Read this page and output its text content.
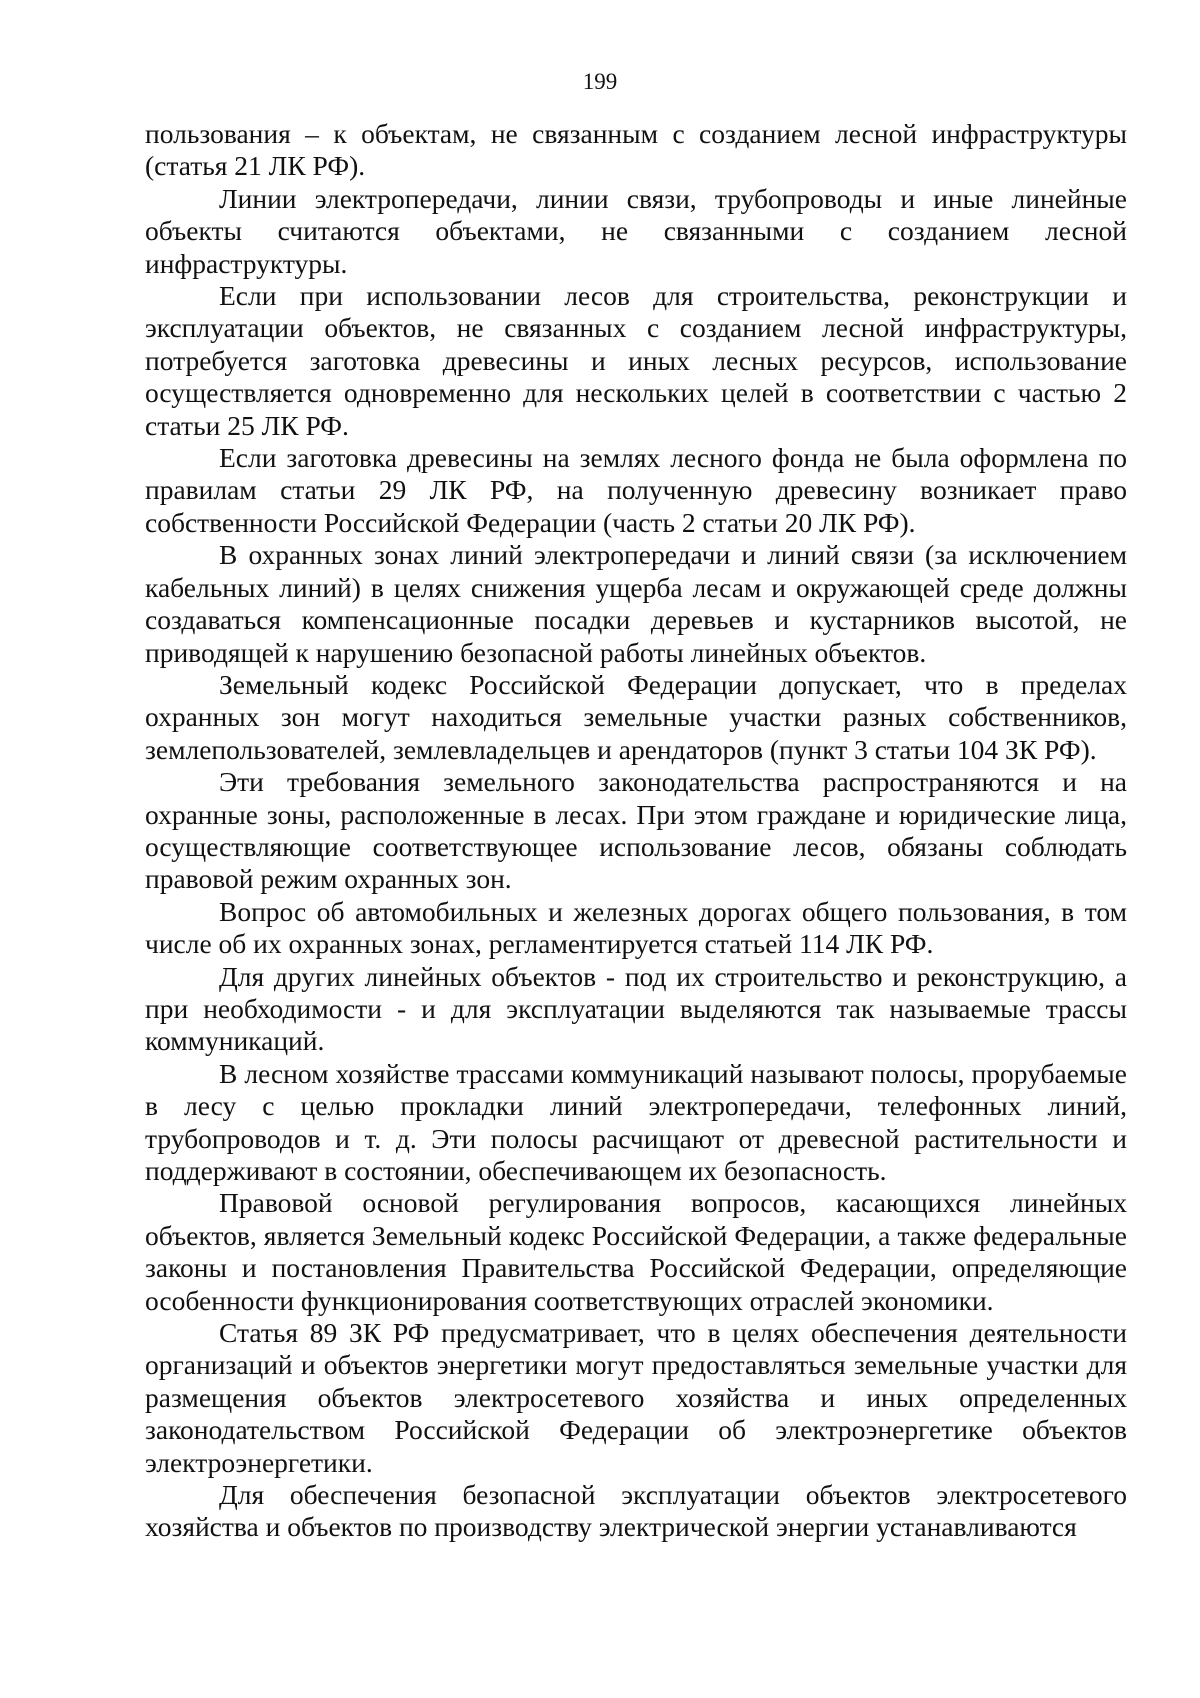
199

пользования – к объектам, не связанным с созданием лесной инфраструктуры (статья 21 ЛК РФ).

Линии электропередачи, линии связи, трубопроводы и иные линейные объекты считаются объектами, не связанными с созданием лесной инфраструктуры.

Если при использовании лесов для строительства, реконструкции и эксплуатации объектов, не связанных с созданием лесной инфраструктуры, потребуется заготовка древесины и иных лесных ресурсов, использование осуществляется одновременно для нескольких целей в соответствии с частью 2 статьи 25 ЛК РФ.

Если заготовка древесины на землях лесного фонда не была оформлена по правилам статьи 29 ЛК РФ, на полученную древесину возникает право собственности Российской Федерации (часть 2 статьи 20 ЛК РФ).

В охранных зонах линий электропередачи и линий связи (за исключением кабельных линий) в целях снижения ущерба лесам и окружающей среде должны создаваться компенсационные посадки деревьев и кустарников высотой, не приводящей к нарушению безопасной работы линейных объектов.

Земельный кодекс Российской Федерации допускает, что в пределах охранных зон могут находиться земельные участки разных собственников, землепользователей, землевладельцев и арендаторов (пункт 3 статьи 104 ЗК РФ).

Эти требования земельного законодательства распространяются и на охранные зоны, расположенные в лесах. При этом граждане и юридические лица, осуществляющие соответствующее использование лесов, обязаны соблюдать правовой режим охранных зон.

Вопрос об автомобильных и железных дорогах общего пользования, в том числе об их охранных зонах, регламентируется статьей 114 ЛК РФ.

Для других линейных объектов - под их строительство и реконструкцию, а при необходимости - и для эксплуатации выделяются так называемые трассы коммуникаций.

В лесном хозяйстве трассами коммуникаций называют полосы, прорубаемые в лесу с целью прокладки линий электропередачи, телефонных линий, трубопроводов и т. д. Эти полосы расчищают от древесной растительности и поддерживают в состоянии, обеспечивающем их безопасность.

Правовой основой регулирования вопросов, касающихся линейных объектов, является Земельный кодекс Российской Федерации, а также федеральные законы и постановления Правительства Российской Федерации, определяющие особенности функционирования соответствующих отраслей экономики.

Статья 89 ЗК РФ предусматривает, что в целях обеспечения деятельности организаций и объектов энергетики могут предоставляться земельные участки для размещения объектов электросетевого хозяйства и иных определенных законодательством Российской Федерации об электроэнергетике объектов электроэнергетики.

Для обеспечения безопасной эксплуатации объектов электросетевого хозяйства и объектов по производству электрической энергии устанавливаются
